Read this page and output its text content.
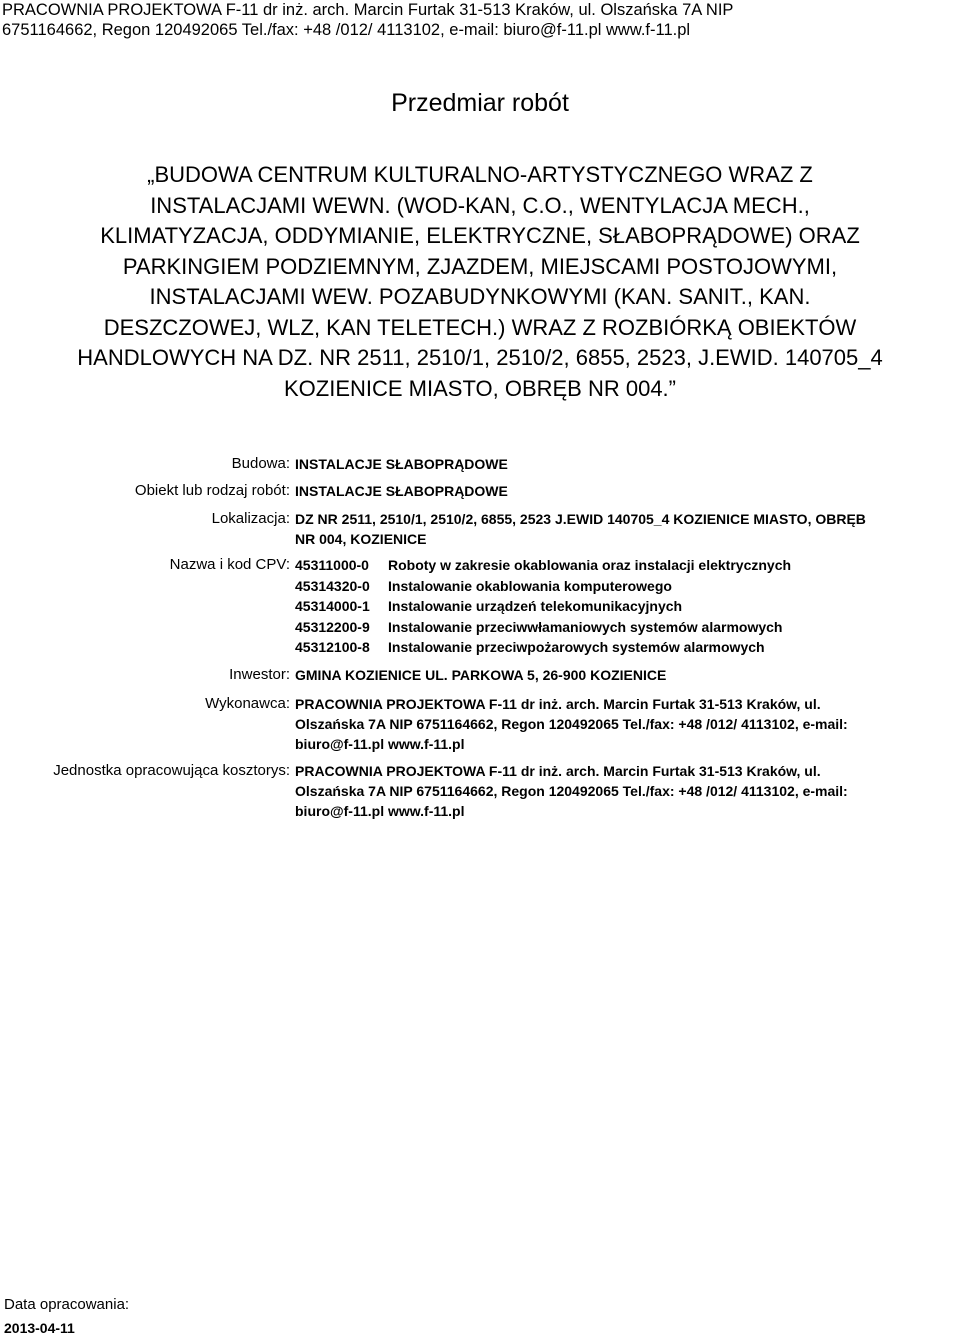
PRACOWNIA PROJEKTOWA F-11 dr inż. arch. Marcin Furtak 31-513 Kraków, ul. Olszańska 7A NIP
6751164662, Regon 120492065 Tel./fax: +48 /012/ 4113102, e-mail: biuro@f-11.pl www.f-11.pl
Przedmiar robót
„BUDOWA CENTRUM KULTURALNO-ARTYSTYCZNEGO WRAZ Z
INSTALACJAMI WEWN. (WOD-KAN, C.O., WENTYLACJA MECH.,
KLIMATYZACJA, ODDYMIANIE, ELEKTRYCZNE, SŁABOPRĄDOWE) ORAZ
PARKINGIEM PODZIEMNYM, ZJAZDEM, MIEJSCAMI POSTOJOWYMI,
INSTALACJAMI WEW. POZABUDYNKOWYMI (KAN. SANIT., KAN.
DESZCZOWEJ, WLZ, KAN TELETECH.) WRAZ Z ROZBIÓRKĄ OBIEKTÓW
HANDLOWYCH NA DZ. NR 2511, 2510/1, 2510/2, 6855, 2523, J.EWID. 140705_4
KOZIENICE MIASTO, OBRĘB NR 004.”
Budowa: INSTALACJE SŁABOPRĄDOWE
Obiekt lub rodzaj robót: INSTALACJE SŁABOPRĄDOWE
Lokalizacja: DZ NR 2511, 2510/1, 2510/2, 6855, 2523 J.EWID 140705_4 KOZIENICE MIASTO, OBRĘB
NR 004, KOZIENICE
Nazwa i kod CPV: 45311000-0 Roboty w zakresie okablowania oraz instalacji elektrycznych
45314320-0 Instalowanie okablowania komputerowego
45314000-1 Instalowanie urządzeń telekomunikacyjnych
45312200-9 Instalowanie przeciwwłamaniowych systemów alarmowych
45312100-8 Instalowanie przeciwpożarowych systemów alarmowych
Inwestor: GMINA KOZIENICE UL. PARKOWA 5, 26-900 KOZIENICE
Wykonawca: PRACOWNIA PROJEKTOWA F-11 dr inż. arch. Marcin Furtak 31-513 Kraków, ul.
Olszańska 7A NIP 6751164662, Regon 120492065 Tel./fax: +48 /012/ 4113102, e-mail:
biuro@f-11.pl www.f-11.pl
Jednostka opracowująca kosztorys: PRACOWNIA PROJEKTOWA F-11 dr inż. arch. Marcin Furtak 31-513 Kraków, ul.
Olszańska 7A NIP 6751164662, Regon 120492065 Tel./fax: +48 /012/ 4113102, e-mail:
biuro@f-11.pl www.f-11.pl
Data opracowania:
2013-04-11
